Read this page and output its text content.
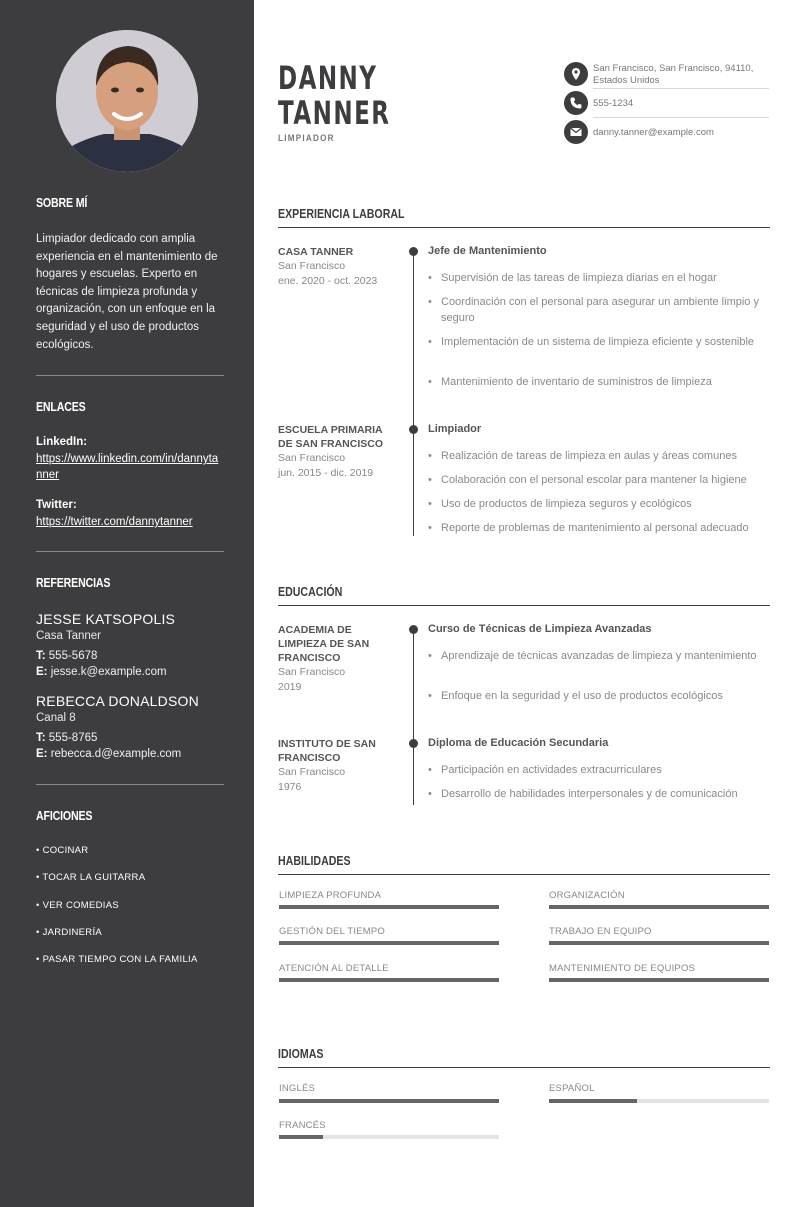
SOBRE MÍ
Limpiador dedicado con amplia experiencia en el mantenimiento de hogares y escuelas. Experto en técnicas de limpieza profunda y organización, con un enfoque en la seguridad y el uso de productos ecológicos.
ENLACES
LinkedIn:
https://www.linkedin.com/in/dannytanner
Twitter:
https://twitter.com/dannytanner
REFERENCIAS
JESSE KATSOPOLIS
Casa Tanner
T: 555-5678
E: jesse.k@example.com
REBECCA DONALDSON
Canal 8
T: 555-8765
E: rebecca.d@example.com
AFICIONES
• COCINAR
• TOCAR LA GUITARRA
• VER COMEDIAS
• JARDINERÍA
• PASAR TIEMPO CON LA FAMILIA
DANNY
TANNER
LIMPIADOR
San Francisco, San Francisco, 94110, Estados Unidos
555-1234
danny.tanner@example.com
EXPERIENCIA LABORAL
CASA TANNER
San Francisco
ene. 2020 - oct. 2023
Jefe de Mantenimiento
• Supervisión de las tareas de limpieza diarias en el hogar
• Coordinación con el personal para asegurar un ambiente limpio y seguro
• Implementación de un sistema de limpieza eficiente y sostenible
• Mantenimiento de inventario de suministros de limpieza
ESCUELA PRIMARIA DE SAN FRANCISCO
San Francisco
jun. 2015 - dic. 2019
Limpiador
• Realización de tareas de limpieza en aulas y áreas comunes
• Colaboración con el personal escolar para mantener la higiene
• Uso de productos de limpieza seguros y ecológicos
• Reporte de problemas de mantenimiento al personal adecuado
EDUCACIÓN
ACADEMIA DE LIMPIEZA DE SAN FRANCISCO
San Francisco
2019
Curso de Técnicas de Limpieza Avanzadas
• Aprendizaje de técnicas avanzadas de limpieza y mantenimiento
• Enfoque en la seguridad y el uso de productos ecológicos
INSTITUTO DE SAN FRANCISCO
San Francisco
1976
Diploma de Educación Secundaria
• Participación en actividades extracurriculares
• Desarrollo de habilidades interpersonales y de comunicación
HABILIDADES
LIMPIEZA PROFUNDA	ORGANIZACIÓN
GESTIÓN DEL TIEMPO	TRABAJO EN EQUIPO
ATENCIÓN AL DETALLE	MANTENIMIENTO DE EQUIPOS
IDIOMAS
INGLÉS	ESPAÑOL
FRANCÉS
